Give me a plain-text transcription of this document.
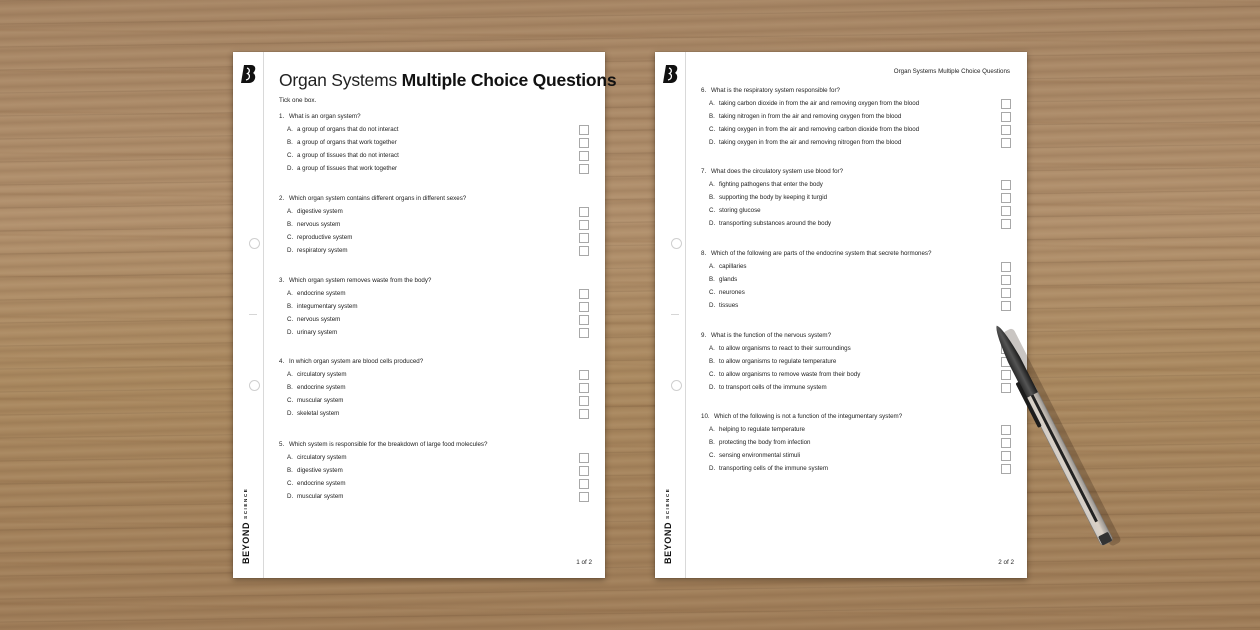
BEYONDSCIENCE
Organ Systems Multiple Choice Questions
Tick one box.
1. What is an organ system?
A. a group of organs that do not interact
B. a group of organs that work together
C. a group of tissues that do not interact
D. a group of tissues that work together
2. Which organ system contains different organs in different sexes?
A. digestive system
B. nervous system
C. reproductive system
D. respiratory system
3. Which organ system removes waste from the body?
A. endocrine system
B. integumentary system
C. nervous system
D. urinary system
4. In which organ system are blood cells produced?
A. circulatory system
B. endocrine system
C. muscular system
D. skeletal system
5. Which system is responsible for the breakdown of large food molecules?
A. circulatory system
B. digestive system
C. endocrine system
D. muscular system
1 of 2	BEYONDSCIENCE
Organ Systems Multiple Choice Questions
6. What is the respiratory system responsible for?
A. taking carbon dioxide in from the air and removing oxygen from the blood
B. taking nitrogen in from the air and removing oxygen from the blood
C. taking oxygen in from the air and removing carbon dioxide from the blood
D. taking oxygen in from the air and removing nitrogen from the blood
7. What does the circulatory system use blood for?
A. fighting pathogens that enter the body
B. supporting the body by keeping it turgid
C. storing glucose
D. transporting substances around the body
8. Which of the following are parts of the endocrine system that secrete hormones?
A. capillaries
B. glands
C. neurones
D. tissues
9. What is the function of the nervous system?
A. to allow organisms to react to their surroundings
B. to allow organisms to regulate temperature
C. to allow organisms to remove waste from their body
D. to transport cells of the immune system
10. Which of the following is not a function of the integumentary system?
A. helping to regulate temperature
B. protecting the body from infection
C. sensing environmental stimuli
D. transporting cells of the immune system
2 of 2
